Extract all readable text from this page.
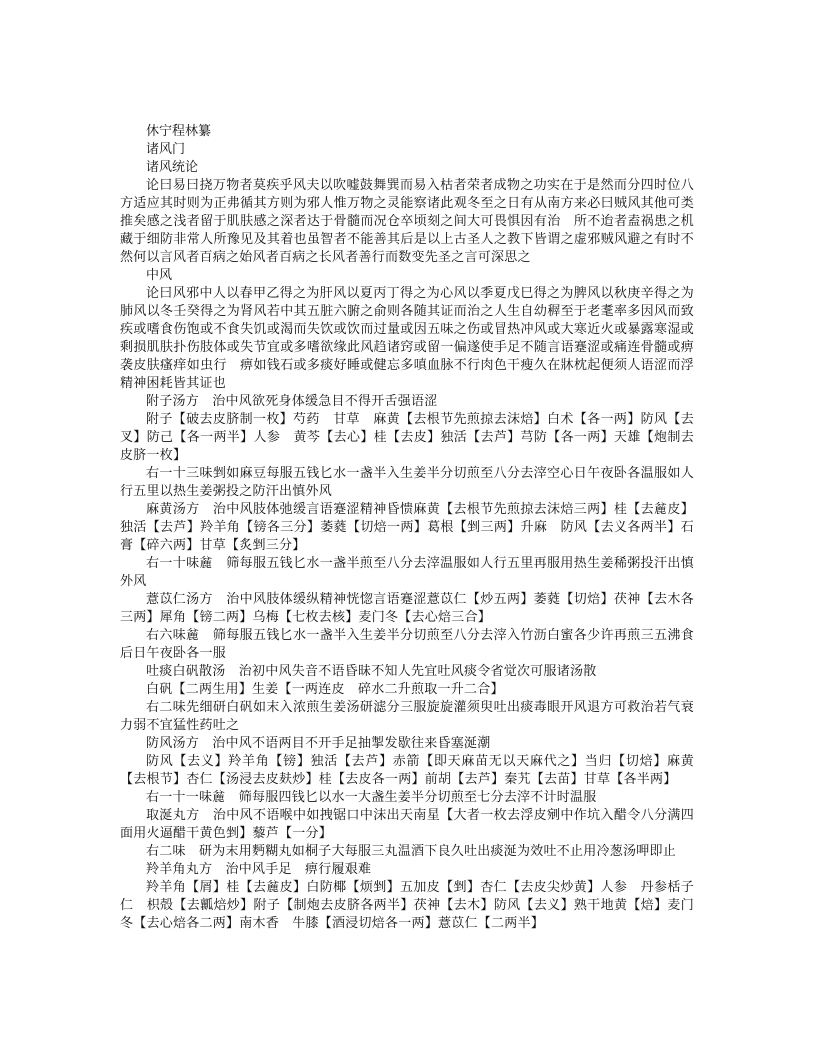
休宁程林纂

诸风门

诸风统论

论曰易曰挠万物者莫疾乎风夫以吹嘘鼓舞巽而易入枯者荣者成物之功实在于是然而分四时位八方适应其时则为正弗循其方则为邪人惟万物之灵能察诸此观冬至之日有从南方来必曰贼风其他可类推矣感之浅者留于肌肤感之深者达于骨髓而况仓卒顷刻之间大可畏惧因有治　所不迨者盍祸患之机藏于细防非常人所豫见及其着也虽智者不能善其后是以上古圣人之教下皆谓之虚邪贼风避之有时不然何以言风者百病之始风者百病之长风者善行而数变先圣之言可深思之

中风

论曰风邪中人以春甲乙得之为肝风以夏丙丁得之为心风以季夏戊巳得之为脾风以秋庚辛得之为肺风以冬壬癸得之为肾风若中其五脏六腑之俞则各随其证而治之人生自幼稺至于老耄率多因风而致疾或嗜食伤饱或不食失饥或渴而失饮或饮而过量或因五味之伤或冒热冲风或大寒近火或暴露寒湿或剩损肌肤扑伤肢体或失节宜或多嗜欲缘此风趋诸窍或留一偏遂使手足不随言语蹇涩或痛连骨髓或痹袭皮肤瘙痒如虫行　痹如钱石或多痰好睡或健忘多嗔血脉不行肉色干瘦久在牀枕起便须人语涩而浮精神困耗皆其证也

附子汤方　治中风欲死身体缓急目不得开舌强语涩

附子【破去皮脐制一枚】芍药　甘草　麻黄【去根节先煎掠去沫焙】白术【各一两】防风【去叉】防己【各一两半】人参　黄芩【去心】桂【去皮】独活【去芦】芎防【各一两】天雄【炮制去皮脐一枚】

右一十三味剉如麻豆每服五钱匕水一盏半入生姜半分切煎至八分去滓空心日午夜卧各温服如人行五里以热生姜粥投之防汗出慎外风

麻黄汤方　治中风肢体弛缓言语蹇涩精神昏愦麻黄【去根节先煎掠去沫焙三两】桂【去麄皮】独活【去芦】羚羊角【镑各三分】萎蕤【切焙一两】葛根【剉三两】升麻　防风【去义各两半】石膏【碎六两】甘草【炙剉三分】

右一十味麄　筛每服五钱匕水一盏半煎至八分去滓温服如人行五里再服用热生姜稀粥投汗出慎外风

薏苡仁汤方　治中风肢体缓纵精神恍惚言语蹇涩薏苡仁【炒五两】萎蕤【切焙】茯神【去木各三两】犀角【镑二两】乌梅【七枚去核】麦门冬【去心焙三合】

右六味麄　筛每服五钱匕水一盏半入生姜半分切煎至八分去滓入竹沥白蜜各少许再煎三五沸食后日午夜卧各一服

吐痰白矾散汤　治初中风失音不语昏昧不知人先宜吐风痰令省觉次可服诸汤散

白矾【二两生用】生姜【一两连皮　碎水二升煎取一升二合】

右二味先细研白矾如末入浓煎生姜汤研滤分三服旋旋灌须臾吐出痰毒眼开风退方可救治若气衰力弱不宜猛性药吐之

防风汤方　治中风不语两目不开手足抽掣发歇往来昏塞涎潮

防风【去义】羚羊角【镑】独活【去芦】赤箭【即天麻苗无以天麻代之】当归【切焙】麻黄【去根节】杏仁【汤浸去皮麸炒】桂【去皮各一两】前胡【去芦】秦艽【去苗】甘草【各半两】

右一十一味麄　筛每服四钱匕以水一大盏生姜半分切煎至七分去滓不计时温服

取涎丸方　治中风不语喉中如拽锯口中沫出天南星【大者一枚去浮皮剜中作坑入醋令八分满四面用火逼醋干黄色剉】藜芦【一分】

右二味　研为末用麪糊丸如桐子大每服三丸温酒下良久吐出痰涎为效吐不止用冷葱汤呷即止

羚羊角丸方　治中风手足　痹行履艰难

羚羊角【屑】桂【去麄皮】白防椰【烦剉】五加皮【剉】杏仁【去皮尖炒黄】人参　丹参栝子仁　枳殻【去瓤焙炒】附子【制炮去皮脐各两半】茯神【去木】防风【去义】熟干地黄【焙】麦门冬【去心焙各二两】南木香　牛膝【酒浸切焙各一两】薏苡仁【二两半】
